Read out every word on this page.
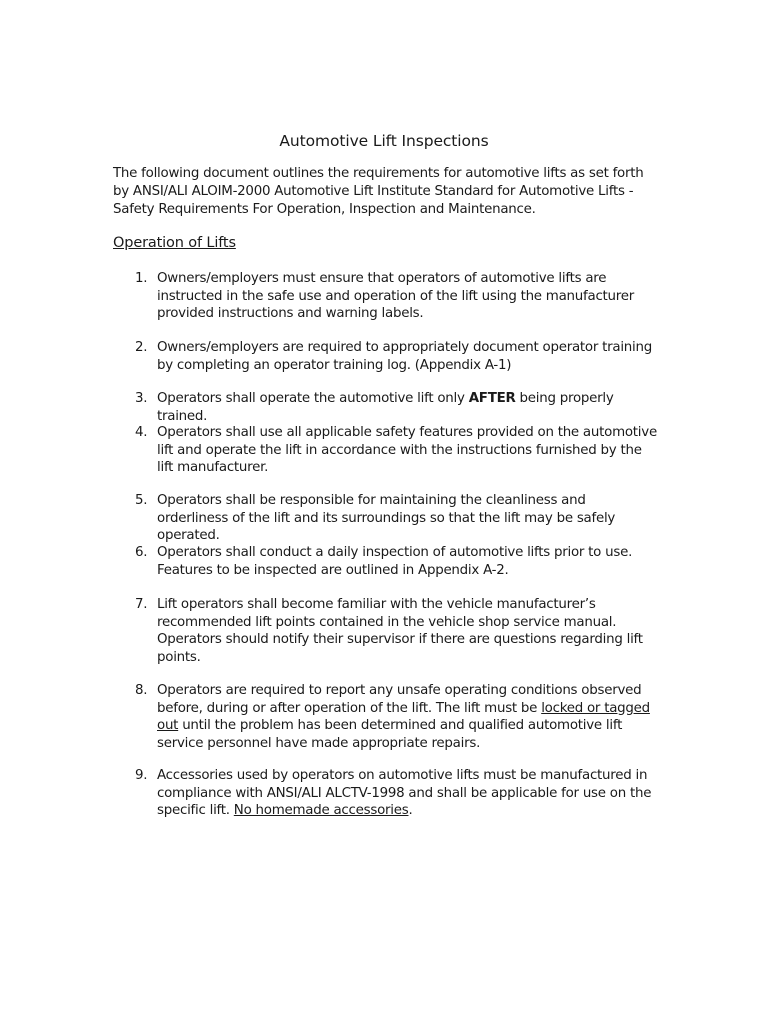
Automotive Lift Inspections
The following document outlines the requirements for automotive lifts as set forth by ANSI/ALI ALOIM-2000 Automotive Lift Institute Standard for Automotive Lifts - Safety Requirements For Operation, Inspection and Maintenance.
Operation of Lifts
1. Owners/employers must ensure that operators of automotive lifts are instructed in the safe use and operation of the lift using the manufacturer provided instructions and warning labels.
2. Owners/employers are required to appropriately document operator training by completing an operator training log. (Appendix A-1)
3. Operators shall operate the automotive lift only AFTER being properly trained.
4. Operators shall use all applicable safety features provided on the automotive lift and operate the lift in accordance with the instructions furnished by the lift manufacturer.
5. Operators shall be responsible for maintaining the cleanliness and orderliness of the lift and its surroundings so that the lift may be safely operated.
6. Operators shall conduct a daily inspection of automotive lifts prior to use. Features to be inspected are outlined in Appendix A-2.
7. Lift operators shall become familiar with the vehicle manufacturer’s recommended lift points contained in the vehicle shop service manual. Operators should notify their supervisor if there are questions regarding lift points.
8. Operators are required to report any unsafe operating conditions observed before, during or after operation of the lift. The lift must be locked or tagged out until the problem has been determined and qualified automotive lift service personnel have made appropriate repairs.
9. Accessories used by operators on automotive lifts must be manufactured in compliance with ANSI/ALI ALCTV-1998 and shall be applicable for use on the specific lift. No homemade accessories.
